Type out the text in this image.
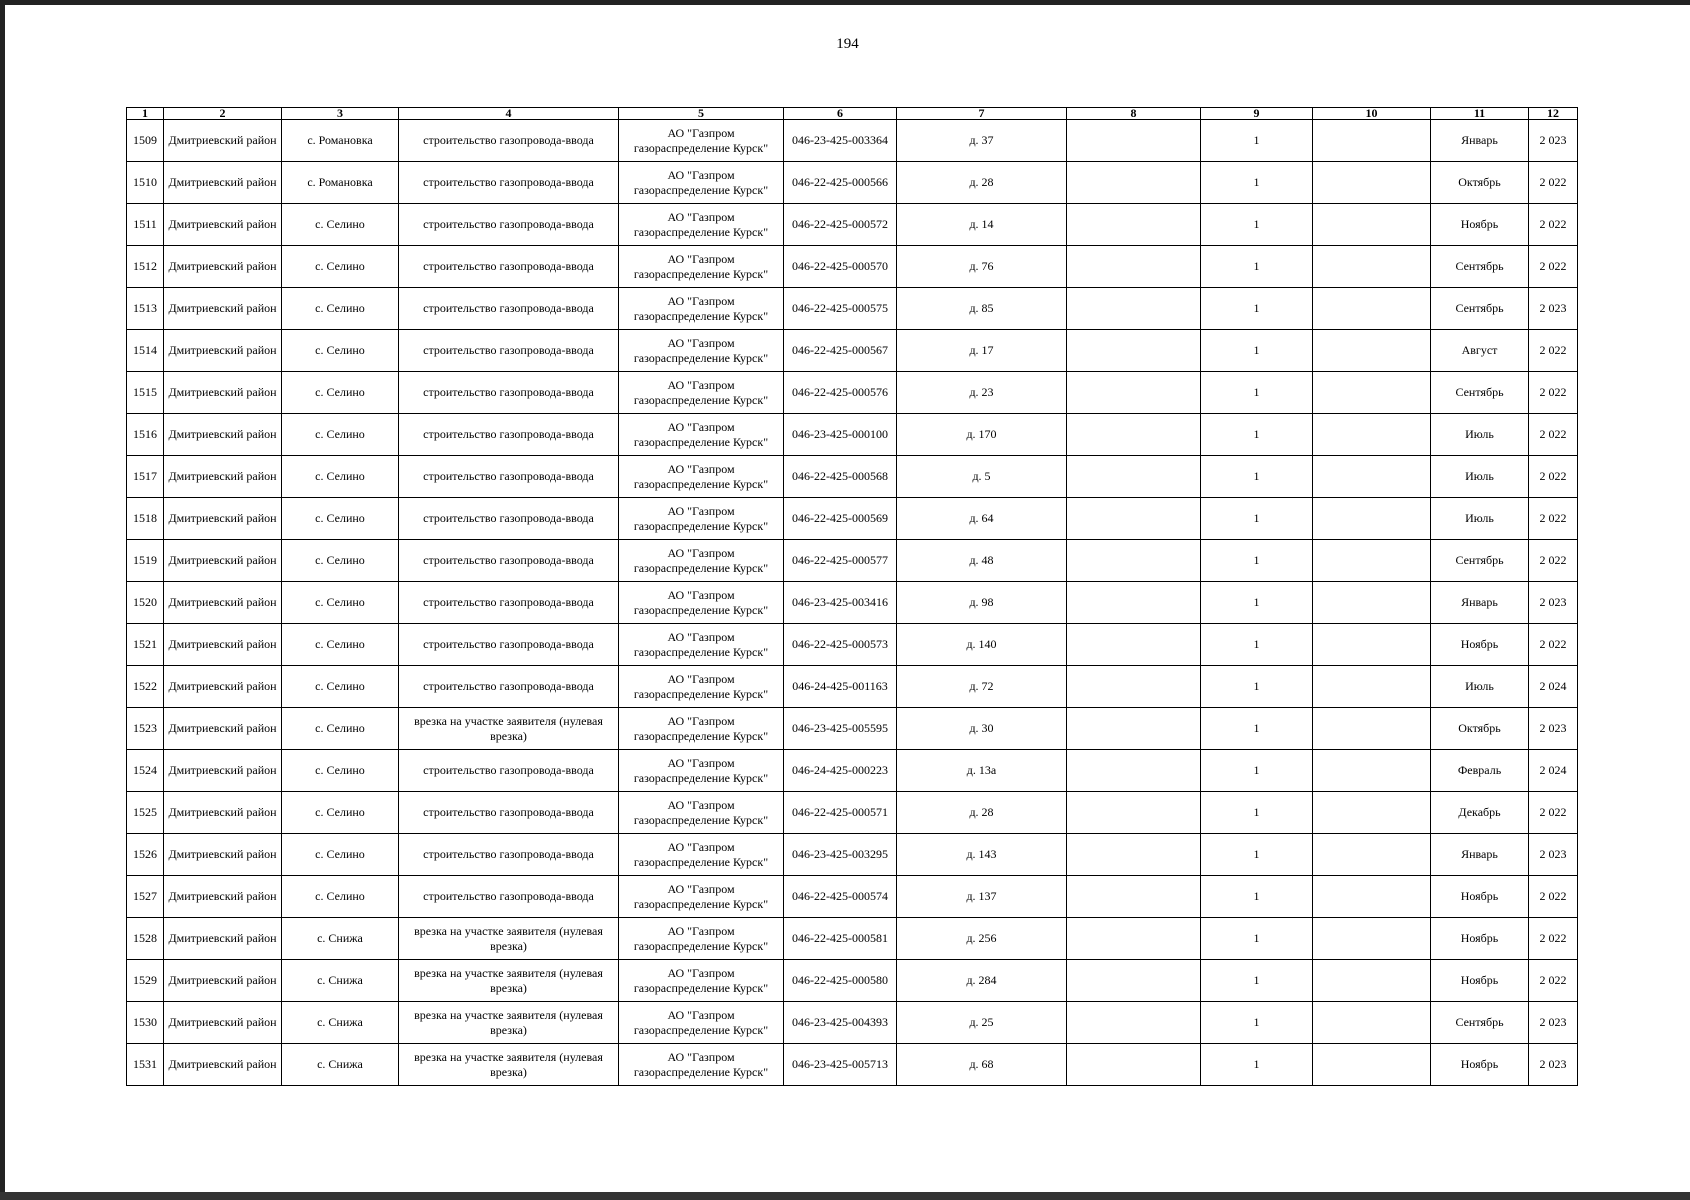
194
1	2	3	4	5	6	7	8	9	10	11	12
1509	Дмитриевский район	с. Романовка	строительство газопровода-ввода	АО "Газпром газораспределение Курск"	046-23-425-003364	д. 37		1		Январь	2 023
1510	Дмитриевский район	с. Романовка	строительство газопровода-ввода	АО "Газпром газораспределение Курск"	046-22-425-000566	д. 28		1		Октябрь	2 022
1511	Дмитриевский район	с. Селино	строительство газопровода-ввода	АО "Газпром газораспределение Курск"	046-22-425-000572	д. 14		1		Ноябрь	2 022
1512	Дмитриевский район	с. Селино	строительство газопровода-ввода	АО "Газпром газораспределение Курск"	046-22-425-000570	д. 76		1		Сентябрь	2 022
1513	Дмитриевский район	с. Селино	строительство газопровода-ввода	АО "Газпром газораспределение Курск"	046-22-425-000575	д. 85		1		Сентябрь	2 023
1514	Дмитриевский район	с. Селино	строительство газопровода-ввода	АО "Газпром газораспределение Курск"	046-22-425-000567	д. 17		1		Август	2 022
1515	Дмитриевский район	с. Селино	строительство газопровода-ввода	АО "Газпром газораспределение Курск"	046-22-425-000576	д. 23		1		Сентябрь	2 022
1516	Дмитриевский район	с. Селино	строительство газопровода-ввода	АО "Газпром газораспределение Курск"	046-23-425-000100	д. 170		1		Июль	2 022
1517	Дмитриевский район	с. Селино	строительство газопровода-ввода	АО "Газпром газораспределение Курск"	046-22-425-000568	д. 5		1		Июль	2 022
1518	Дмитриевский район	с. Селино	строительство газопровода-ввода	АО "Газпром газораспределение Курск"	046-22-425-000569	д. 64		1		Июль	2 022
1519	Дмитриевский район	с. Селино	строительство газопровода-ввода	АО "Газпром газораспределение Курск"	046-22-425-000577	д. 48		1		Сентябрь	2 022
1520	Дмитриевский район	с. Селино	строительство газопровода-ввода	АО "Газпром газораспределение Курск"	046-23-425-003416	д. 98		1		Январь	2 023
1521	Дмитриевский район	с. Селино	строительство газопровода-ввода	АО "Газпром газораспределение Курск"	046-22-425-000573	д. 140		1		Ноябрь	2 022
1522	Дмитриевский район	с. Селино	строительство газопровода-ввода	АО "Газпром газораспределение Курск"	046-24-425-001163	д. 72		1		Июль	2 024
1523	Дмитриевский район	с. Селино	врезка на участке заявителя (нулевая врезка)	АО "Газпром газораспределение Курск"	046-23-425-005595	д. 30		1		Октябрь	2 023
1524	Дмитриевский район	с. Селино	строительство газопровода-ввода	АО "Газпром газораспределение Курск"	046-24-425-000223	д. 13а		1		Февраль	2 024
1525	Дмитриевский район	с. Селино	строительство газопровода-ввода	АО "Газпром газораспределение Курск"	046-22-425-000571	д. 28		1		Декабрь	2 022
1526	Дмитриевский район	с. Селино	строительство газопровода-ввода	АО "Газпром газораспределение Курск"	046-23-425-003295	д. 143		1		Январь	2 023
1527	Дмитриевский район	с. Селино	строительство газопровода-ввода	АО "Газпром газораспределение Курск"	046-22-425-000574	д. 137		1		Ноябрь	2 022
1528	Дмитриевский район	с. Снижа	врезка на участке заявителя (нулевая врезка)	АО "Газпром газораспределение Курск"	046-22-425-000581	д. 256		1		Ноябрь	2 022
1529	Дмитриевский район	с. Снижа	врезка на участке заявителя (нулевая врезка)	АО "Газпром газораспределение Курск"	046-22-425-000580	д. 284		1		Ноябрь	2 022
1530	Дмитриевский район	с. Снижа	врезка на участке заявителя (нулевая врезка)	АО "Газпром газораспределение Курск"	046-23-425-004393	д. 25		1		Сентябрь	2 023
1531	Дмитриевский район	с. Снижа	врезка на участке заявителя (нулевая врезка)	АО "Газпром газораспределение Курск"	046-23-425-005713	д. 68		1		Ноябрь	2 023
